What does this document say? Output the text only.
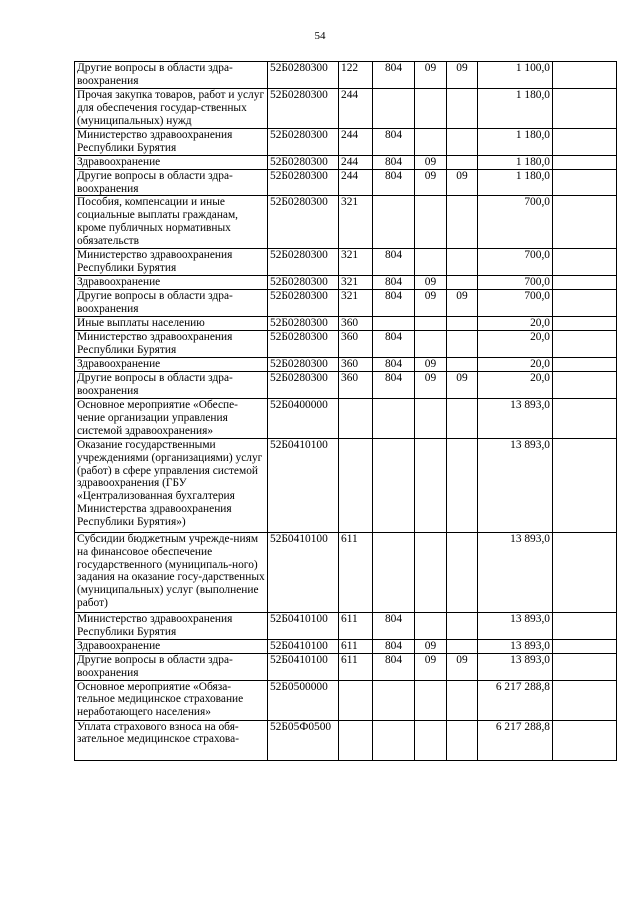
54
Другие вопросы в области здра-воохранения	52Б0280300	122	804	09	09	1 100,0	
Прочая закупка товаров, работ и услуг для обеспечения государ-ственных (муниципальных) нужд	52Б0280300	244				1 180,0	
Министерство здравоохранения Республики Бурятия	52Б0280300	244	804			1 180,0	
Здравоохранение	52Б0280300	244	804	09		1 180,0	
Другие вопросы в области здра-воохранения	52Б0280300	244	804	09	09	1 180,0	
Пособия, компенсации и иные социальные выплаты гражданам, кроме публичных нормативных обязательств	52Б0280300	321				700,0	
Министерство здравоохранения Республики Бурятия	52Б0280300	321	804			700,0	
Здравоохранение	52Б0280300	321	804	09		700,0	
Другие вопросы в области здра-воохранения	52Б0280300	321	804	09	09	700,0	
Иные выплаты населению	52Б0280300	360				20,0	
Министерство здравоохранения Республики Бурятия	52Б0280300	360	804			20,0	
Здравоохранение	52Б0280300	360	804	09		20,0	
Другие вопросы в области здра-воохранения	52Б0280300	360	804	09	09	20,0	
Основное мероприятие «Обеспе-чение организации управления системой здравоохранения»	52Б0400000					13 893,0	
Оказание государственными учреждениями (организациями) услуг (работ) в сфере управления системой здравоохранения (ГБУ «Централизованная бухгалтерия Министерства здравоохранения Республики Бурятия»)	52Б0410100					13 893,0	
Субсидии бюджетным учрежде-ниям на финансовое обеспечение государственного (муниципаль-ного) задания на оказание госу-дарственных (муниципальных) услуг (выполнение работ)	52Б0410100	611				13 893,0	
Министерство здравоохранения Республики Бурятия	52Б0410100	611	804			13 893,0	
Здравоохранение	52Б0410100	611	804	09		13 893,0	
Другие вопросы в области здра-воохранения	52Б0410100	611	804	09	09	13 893,0	
Основное мероприятие «Обяза-тельное медицинское страхование неработающего населения»	52Б0500000					6 217 288,8	
Уплата страхового взноса на обя-зательное медицинское страхова-	52Б05Ф0500					6 217 288,8	
